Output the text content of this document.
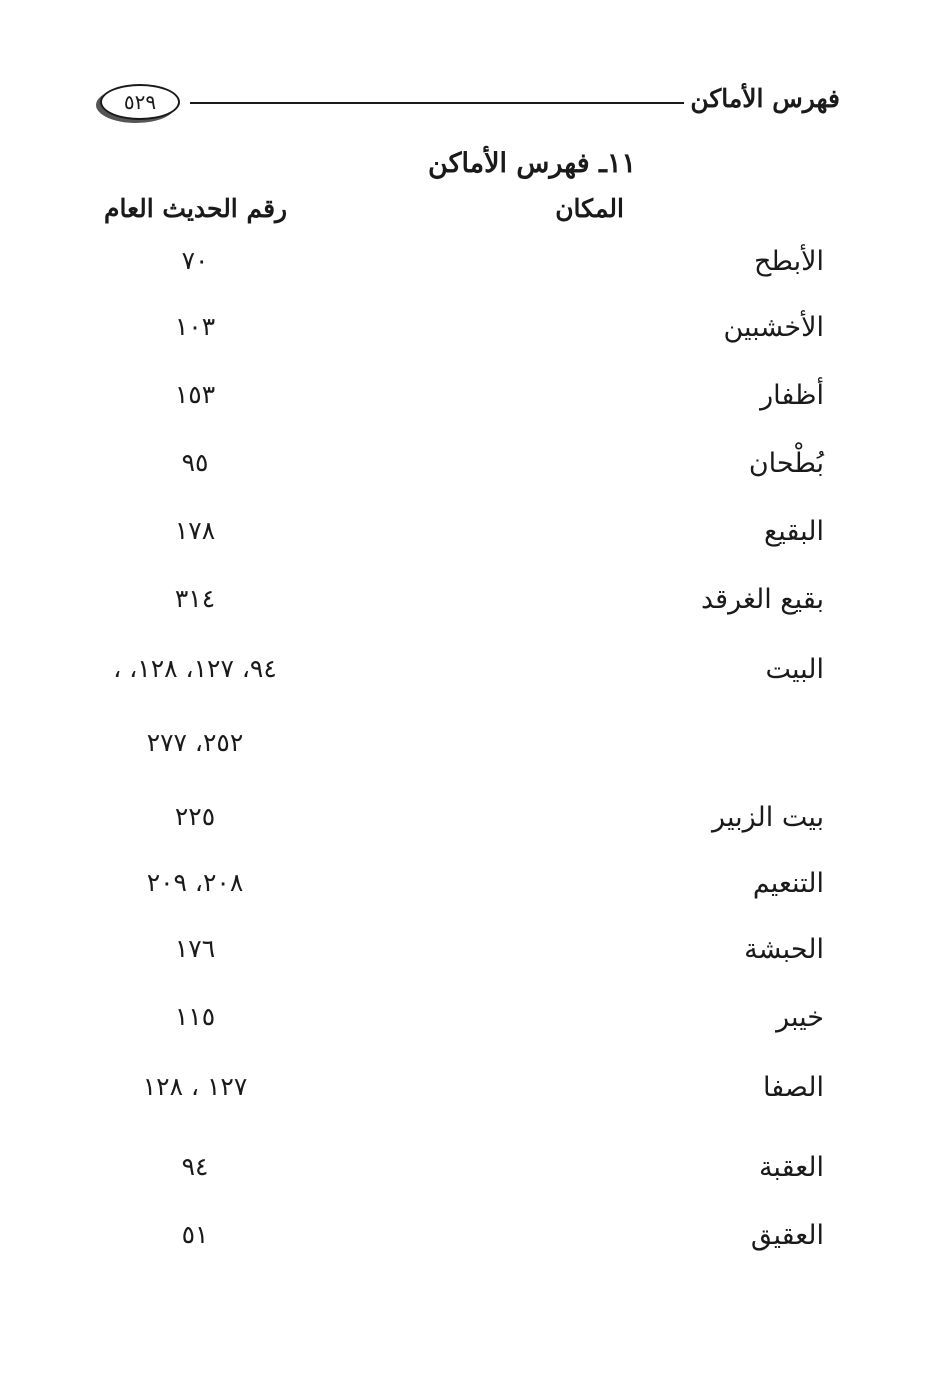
فهرس الأماكن
٥٢٩
١١ـ فهرس الأماكن
المكان
رقم الحديث العام
الأبطح
٧٠
الأخشبين
١٠٣
أظفار
١٥٣
بُطْحان
٩٥
البقيع
١٧٨
بقيع الغرقد
٣١٤
البيت
٩٤، ١٢٧، ١٢٨، ،
٢٥٢، ٢٧٧
بيت الزبير
٢٢٥
التنعيم
٢٠٨، ٢٠٩
الحبشة
١٧٦
خيبر
١١٥
الصفا
١٢٧ ، ١٢٨
العقبة
٩٤
العقيق
٥١
